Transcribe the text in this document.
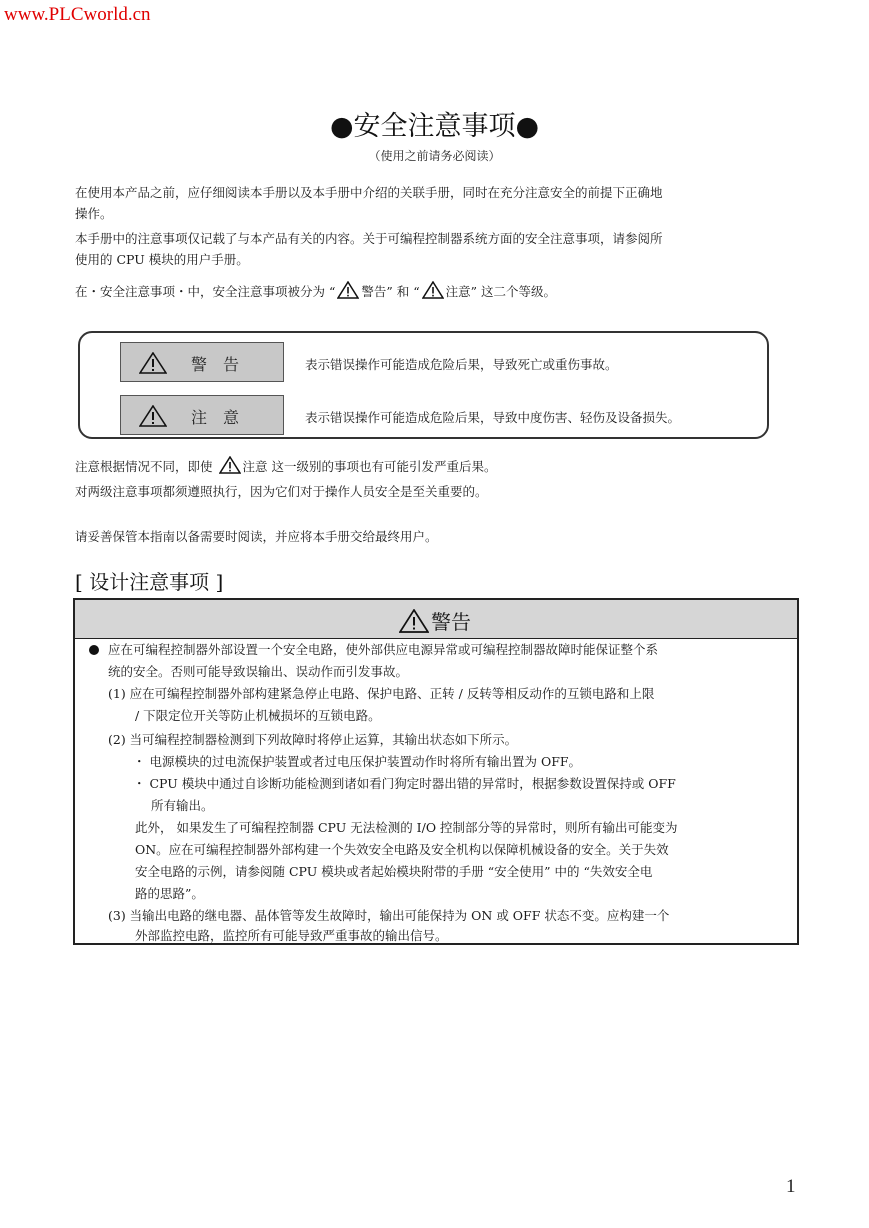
www.PLCworld.cn
●安全注意事项●
（使用之前请务必阅读）
在使用本产品之前，应仔细阅读本手册以及本手册中介绍的关联手册，同时在充分注意安全的前提下正确地
操作。
本手册中的注意事项仅记载了与本产品有关的内容。关于可编程控制器系统方面的安全注意事项，请参阅所
使用的 CPU 模块的用户手册。
在・安全注意事项・中，安全注意事项被分为 “ 警告” 和 “ 注意” 这二个等级。
警　告	表示错误操作可能造成危险后果，导致死亡或重伤事故。
注　意	表示错误操作可能造成危险后果，导致中度伤害、轻伤及设备损失。
注意根据情况不同，即使 注意 这一级别的事项也有可能引发严重后果。
对两级注意事项都须遵照执行，因为它们对于操作人员安全是至关重要的。
请妥善保管本指南以备需要时阅读，并应将本手册交给最终用户。
[ 设计注意事项 ]
警告
应在可编程控制器外部设置一个安全电路，使外部供应电源异常或可编程控制器故障时能保证整个系
统的安全。否则可能导致误输出、误动作而引发事故。
(1) 应在可编程控制器外部构建紧急停止电路、保护电路、正转 / 反转等相反动作的互锁电路和上限
/ 下限定位开关等防止机械损坏的互锁电路。
(2) 当可编程控制器检测到下列故障时将停止运算，其输出状态如下所示。
・ 电源模块的过电流保护装置或者过电压保护装置动作时将所有输出置为 OFF。
・ CPU 模块中通过自诊断功能检测到诸如看门狗定时器出错的异常时，根据参数设置保持或 OFF
所有输出。
此外， 如果发生了可编程控制器 CPU 无法检测的 I/O 控制部分等的异常时，则所有输出可能变为
ON。应在可编程控制器外部构建一个失效安全电路及安全机构以保障机械设备的安全。关于失效
安全电路的示例，请参阅随 CPU 模块或者起始模块附带的手册 “安全使用” 中的 “失效安全电
路的思路”。
(3) 当输出电路的继电器、晶体管等发生故障时，输出可能保持为 ON 或 OFF 状态不变。应构建一个
外部监控电路，监控所有可能导致严重事故的输出信号。
1
